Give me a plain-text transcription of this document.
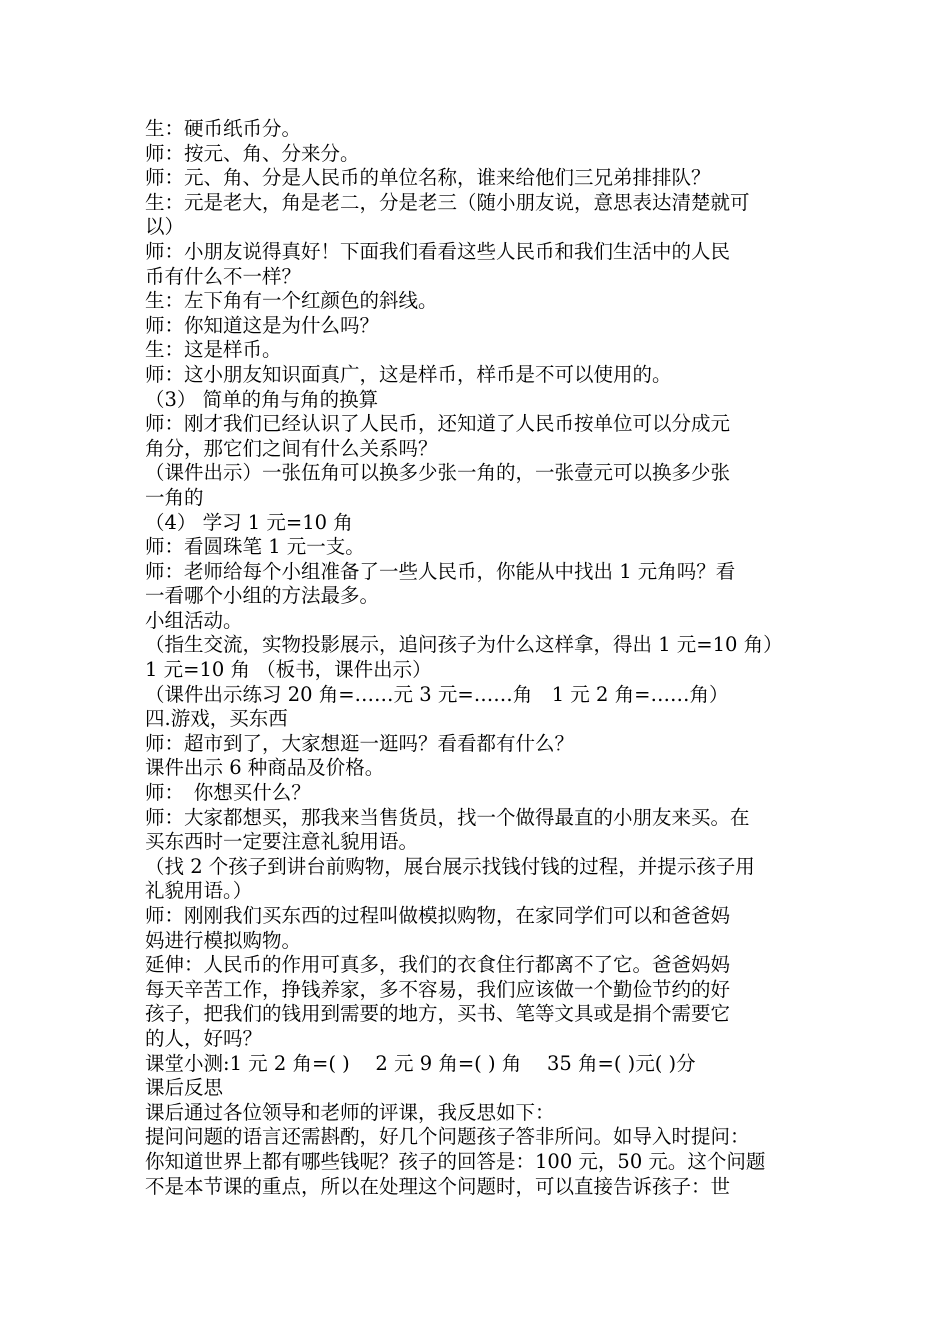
生：硬币纸币分。
师：按元、角、分来分。
师：元、角、分是人民币的单位名称，谁来给他们三兄弟排排队？
生：元是老大，角是老二，分是老三（随小朋友说，意思表达清楚就可
以）
师：小朋友说得真好！下面我们看看这些人民币和我们生活中的人民
币有什么不一样？
生：左下角有一个红颜色的斜线。
师：你知道这是为什么吗？
生：这是样币。
师：这小朋友知识面真广，这是样币，样币是不可以使用的。
（3） 简单的角与角的换算
师：刚才我们已经认识了人民币，还知道了人民币按单位可以分成元
角分，那它们之间有什么关系吗？
（课件出示）一张伍角可以换多少张一角的，一张壹元可以换多少张
一角的
（4） 学习 1 元=10 角
师：看圆珠笔 1 元一支。
师：老师给每个小组准备了一些人民币，你能从中找出 1 元角吗？看
一看哪个小组的方法最多。
小组活动。
（指生交流，实物投影展示，追问孩子为什么这样拿，得出 1 元=10 角）
1 元=10 角 （板书，课件出示）
（课件出示练习 20 角=……元 3 元=……角　1 元 2 角=……角）
四.游戏，买东西
师：超市到了，大家想逛一逛吗？看看都有什么？
课件出示 6 种商品及价格。
师：　你想买什么？
师：大家都想买，那我来当售货员，找一个做得最直的小朋友来买。在
买东西时一定要注意礼貌用语。
（找 2 个孩子到讲台前购物，展台展示找钱付钱的过程，并提示孩子用
礼貌用语。）
师：刚刚我们买东西的过程叫做模拟购物，在家同学们可以和爸爸妈
妈进行模拟购物。
延伸：人民币的作用可真多，我们的衣食住行都离不了它。爸爸妈妈
每天辛苦工作，挣钱养家，多不容易，我们应该做一个勤俭节约的好
孩子，把我们的钱用到需要的地方，买书、笔等文具或是捐个需要它
的人，好吗？
课堂小测:1 元 2 角=( )　 2 元 9 角=( ) 角　 35 角=( )元( )分
课后反思
课后通过各位领导和老师的评课，我反思如下：
提问问题的语言还需斟酌，好几个问题孩子答非所问。如导入时提问：
你知道世界上都有哪些钱呢？孩子的回答是：100 元，50 元。这个问题
不是本节课的重点，所以在处理这个问题时，可以直接告诉孩子：世
